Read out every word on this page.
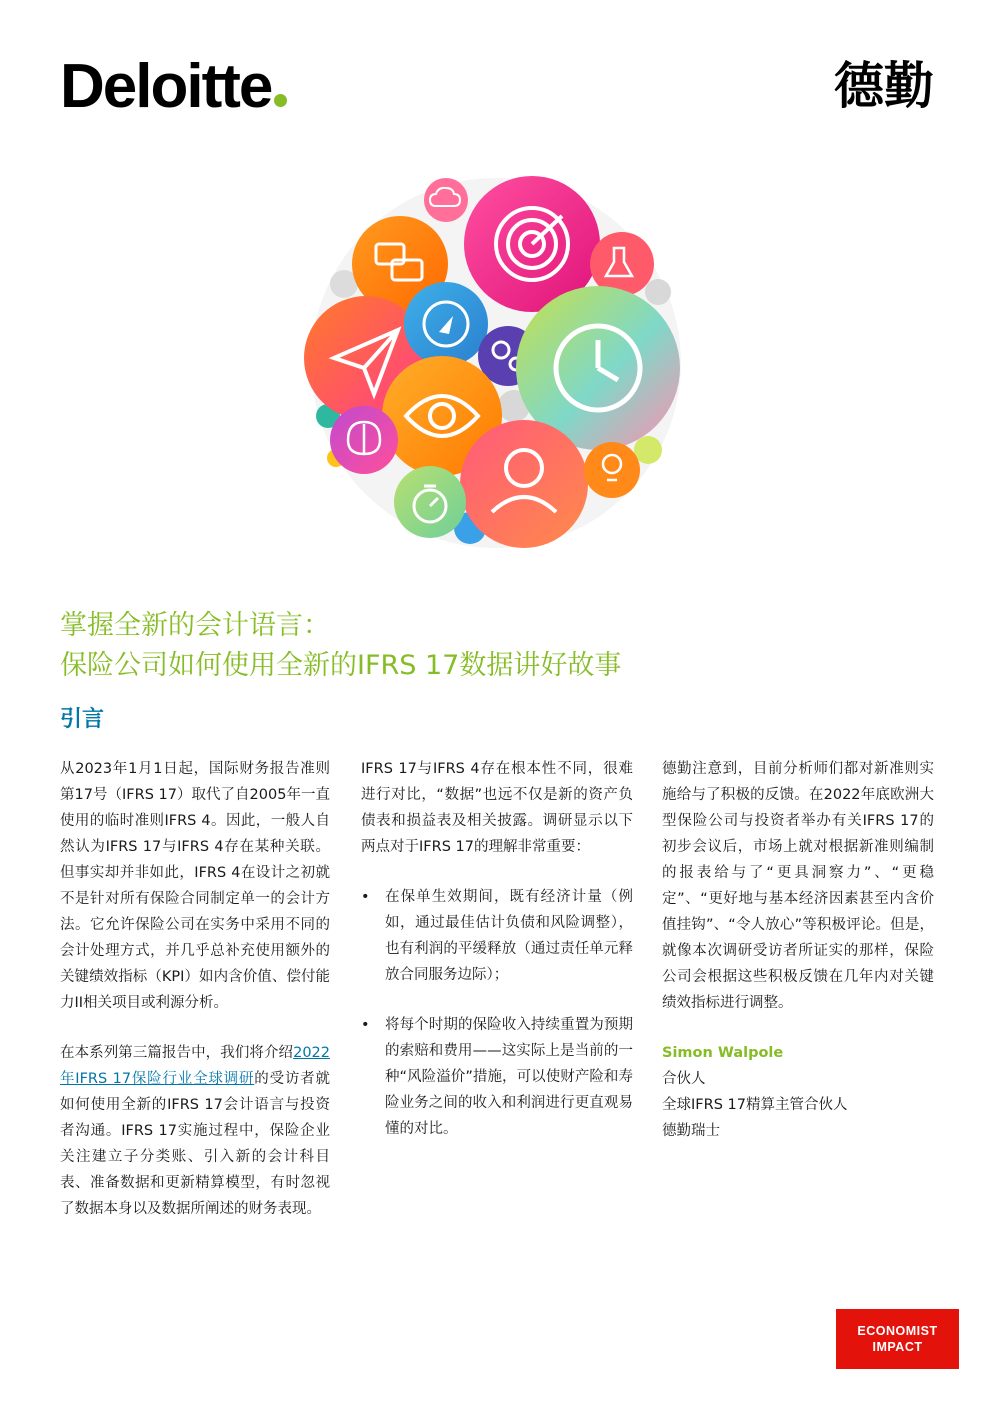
Deloitte	德勤
掌握全新的会计语言：
保险公司如何使用全新的IFRS 17数据讲好故事
引言

从2023年1月1日起，国际财务报告准则第17号（IFRS 17）取代了自2005年一直使用的临时准则IFRS 4。因此，一般人自然认为IFRS 17与IFRS 4存在某种关联。但事实却并非如此，IFRS 4在设计之初就不是针对所有保险合同制定单一的会计方法。它允许保险公司在实务中采用不同的会计处理方式，并几乎总补充使用额外的关键绩效指标（KPI）如内含价值、偿付能力II相关项目或利源分析。

在本系列第三篇报告中，我们将介绍2022年IFRS 17保险行业全球调研的受访者就如何使用全新的IFRS 17会计语言与投资者沟通。IFRS 17实施过程中，保险企业关注建立子分类账、引入新的会计科目表、准备数据和更新精算模型，有时忽视了数据本身以及数据所阐述的财务表现。

IFRS 17与IFRS 4存在根本性不同，很难进行对比，“数据”也远不仅是新的资产负债表和损益表及相关披露。调研显示以下两点对于IFRS 17的理解非常重要：

• 在保单生效期间，既有经济计量（例如，通过最佳估计负债和风险调整），也有利润的平缓释放（通过责任单元释放合同服务边际）；
• 将每个时期的保险收入持续重置为预期的索赔和费用——这实际上是当前的一种“风险溢价”措施，可以使财产险和寿险业务之间的收入和利润进行更直观易懂的对比。

德勤注意到，目前分析师们都对新准则实施给与了积极的反馈。在2022年底欧洲大型保险公司与投资者举办有关IFRS 17的初步会议后，市场上就对根据新准则编制的报表给与了“更具洞察力”、“更稳定”、“更好地与基本经济因素甚至内含价值挂钩”、“令人放心”等积极评论。但是，就像本次调研受访者所证实的那样，保险公司会根据这些积极反馈在几年内对关键绩效指标进行调整。

Simon Walpole
合伙人
全球IFRS 17精算主管合伙人
德勤瑞士
ECONOMIST
IMPACT
